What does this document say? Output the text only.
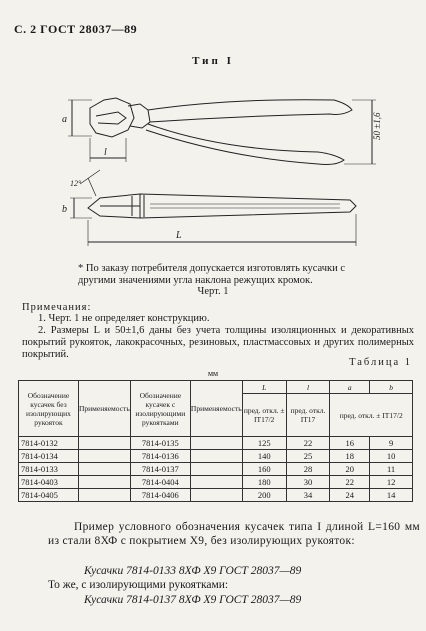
С. 2 ГОСТ 28037—89
Тип I
a
l
50 ±1,6
b
12°
L
* По заказу потребителя допускается изготовлять кусачки с другими значениями угла наклона режущих кромок.
Черт. 1
Примечания:
1. Черт. 1 не определяет конструкцию.
2. Размеры L и 50±1,6 даны без учета толщины изоляционных и декоративных покрытий рукояток, лакокрасочных, резиновых, пластмассовых и других полимерных покрытий.
Таблица 1
мм
Обозначение кусачек без изолирующих рукояток	Применяемость	Обозначение кусачек с изолирующими рукоятками	Применяемость	L	l	a	b
				пред. откл. ± IT17/2	пред. откл. IT17	пред. откл. ± IT17/2	
7814-0132		7814-0135		125	22	16	9
7814-0134		7814-0136		140	25	18	10
7814-0133		7814-0137		160	28	20	11
7814-0403		7814-0404		180	30	22	12
7814-0405		7814-0406		200	34	24	14
Пример условного обозначения кусачек типа I длиной L=160 мм из стали 8ХФ с покрытием Х9, без изолирующих рукояток:
Кусачки 7814-0133 8ХФ Х9 ГОСТ 28037—89
То же, с изолирующими рукоятками:
Кусачки 7814-0137 8ХФ Х9 ГОСТ 28037—89
